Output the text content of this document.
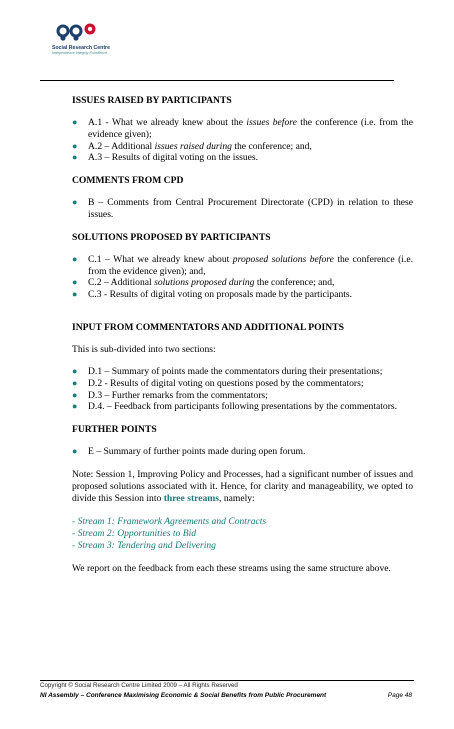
Social Research Centre
Independence Integrity Excellence
ISSUES RAISED BY PARTICIPANTS
● A.1 - What we already knew about the issues before the conference (i.e. from the evidence given);
● A.2 – Additional issues raised during the conference; and,
● A.3 – Results of digital voting on the issues.
COMMENTS FROM CPD
● B – Comments from Central Procurement Directorate (CPD) in relation to these issues.
SOLUTIONS PROPOSED BY PARTICIPANTS
● C.1 – What we already knew about proposed solutions before the conference (i.e. from the evidence given); and,
● C.2 – Additional solutions proposed during the conference; and,
● C.3 - Results of digital voting on proposals made by the participants.
INPUT FROM COMMENTATORS AND ADDITIONAL POINTS

This is sub-divided into two sections:

● D.1 – Summary of points made the commentators during their presentations;
● D.2 - Results of digital voting on questions posed by the commentators;
● D.3 – Further remarks from the commentators;
● D.4. – Feedback from participants following presentations by the commentators.
FURTHER POINTS
● E – Summary of further points made during open forum.

Note: Session 1, Improving Policy and Processes, had a significant number of issues and proposed solutions associated with it. Hence, for clarity and manageability, we opted to divide this Session into three streams, namely:

- Stream 1: Framework Agreements and Contracts
- Stream 2: Opportunities to Bid
- Stream 3: Tendering and Delivering

We report on the feedback from each these streams using the same structure above.

Copyright © Social Research Centre Limited 2009 – All Rights Reserved
NI Assembly – Conference Maximising Economic & Social Benefits from Public Procurement	Page 48
